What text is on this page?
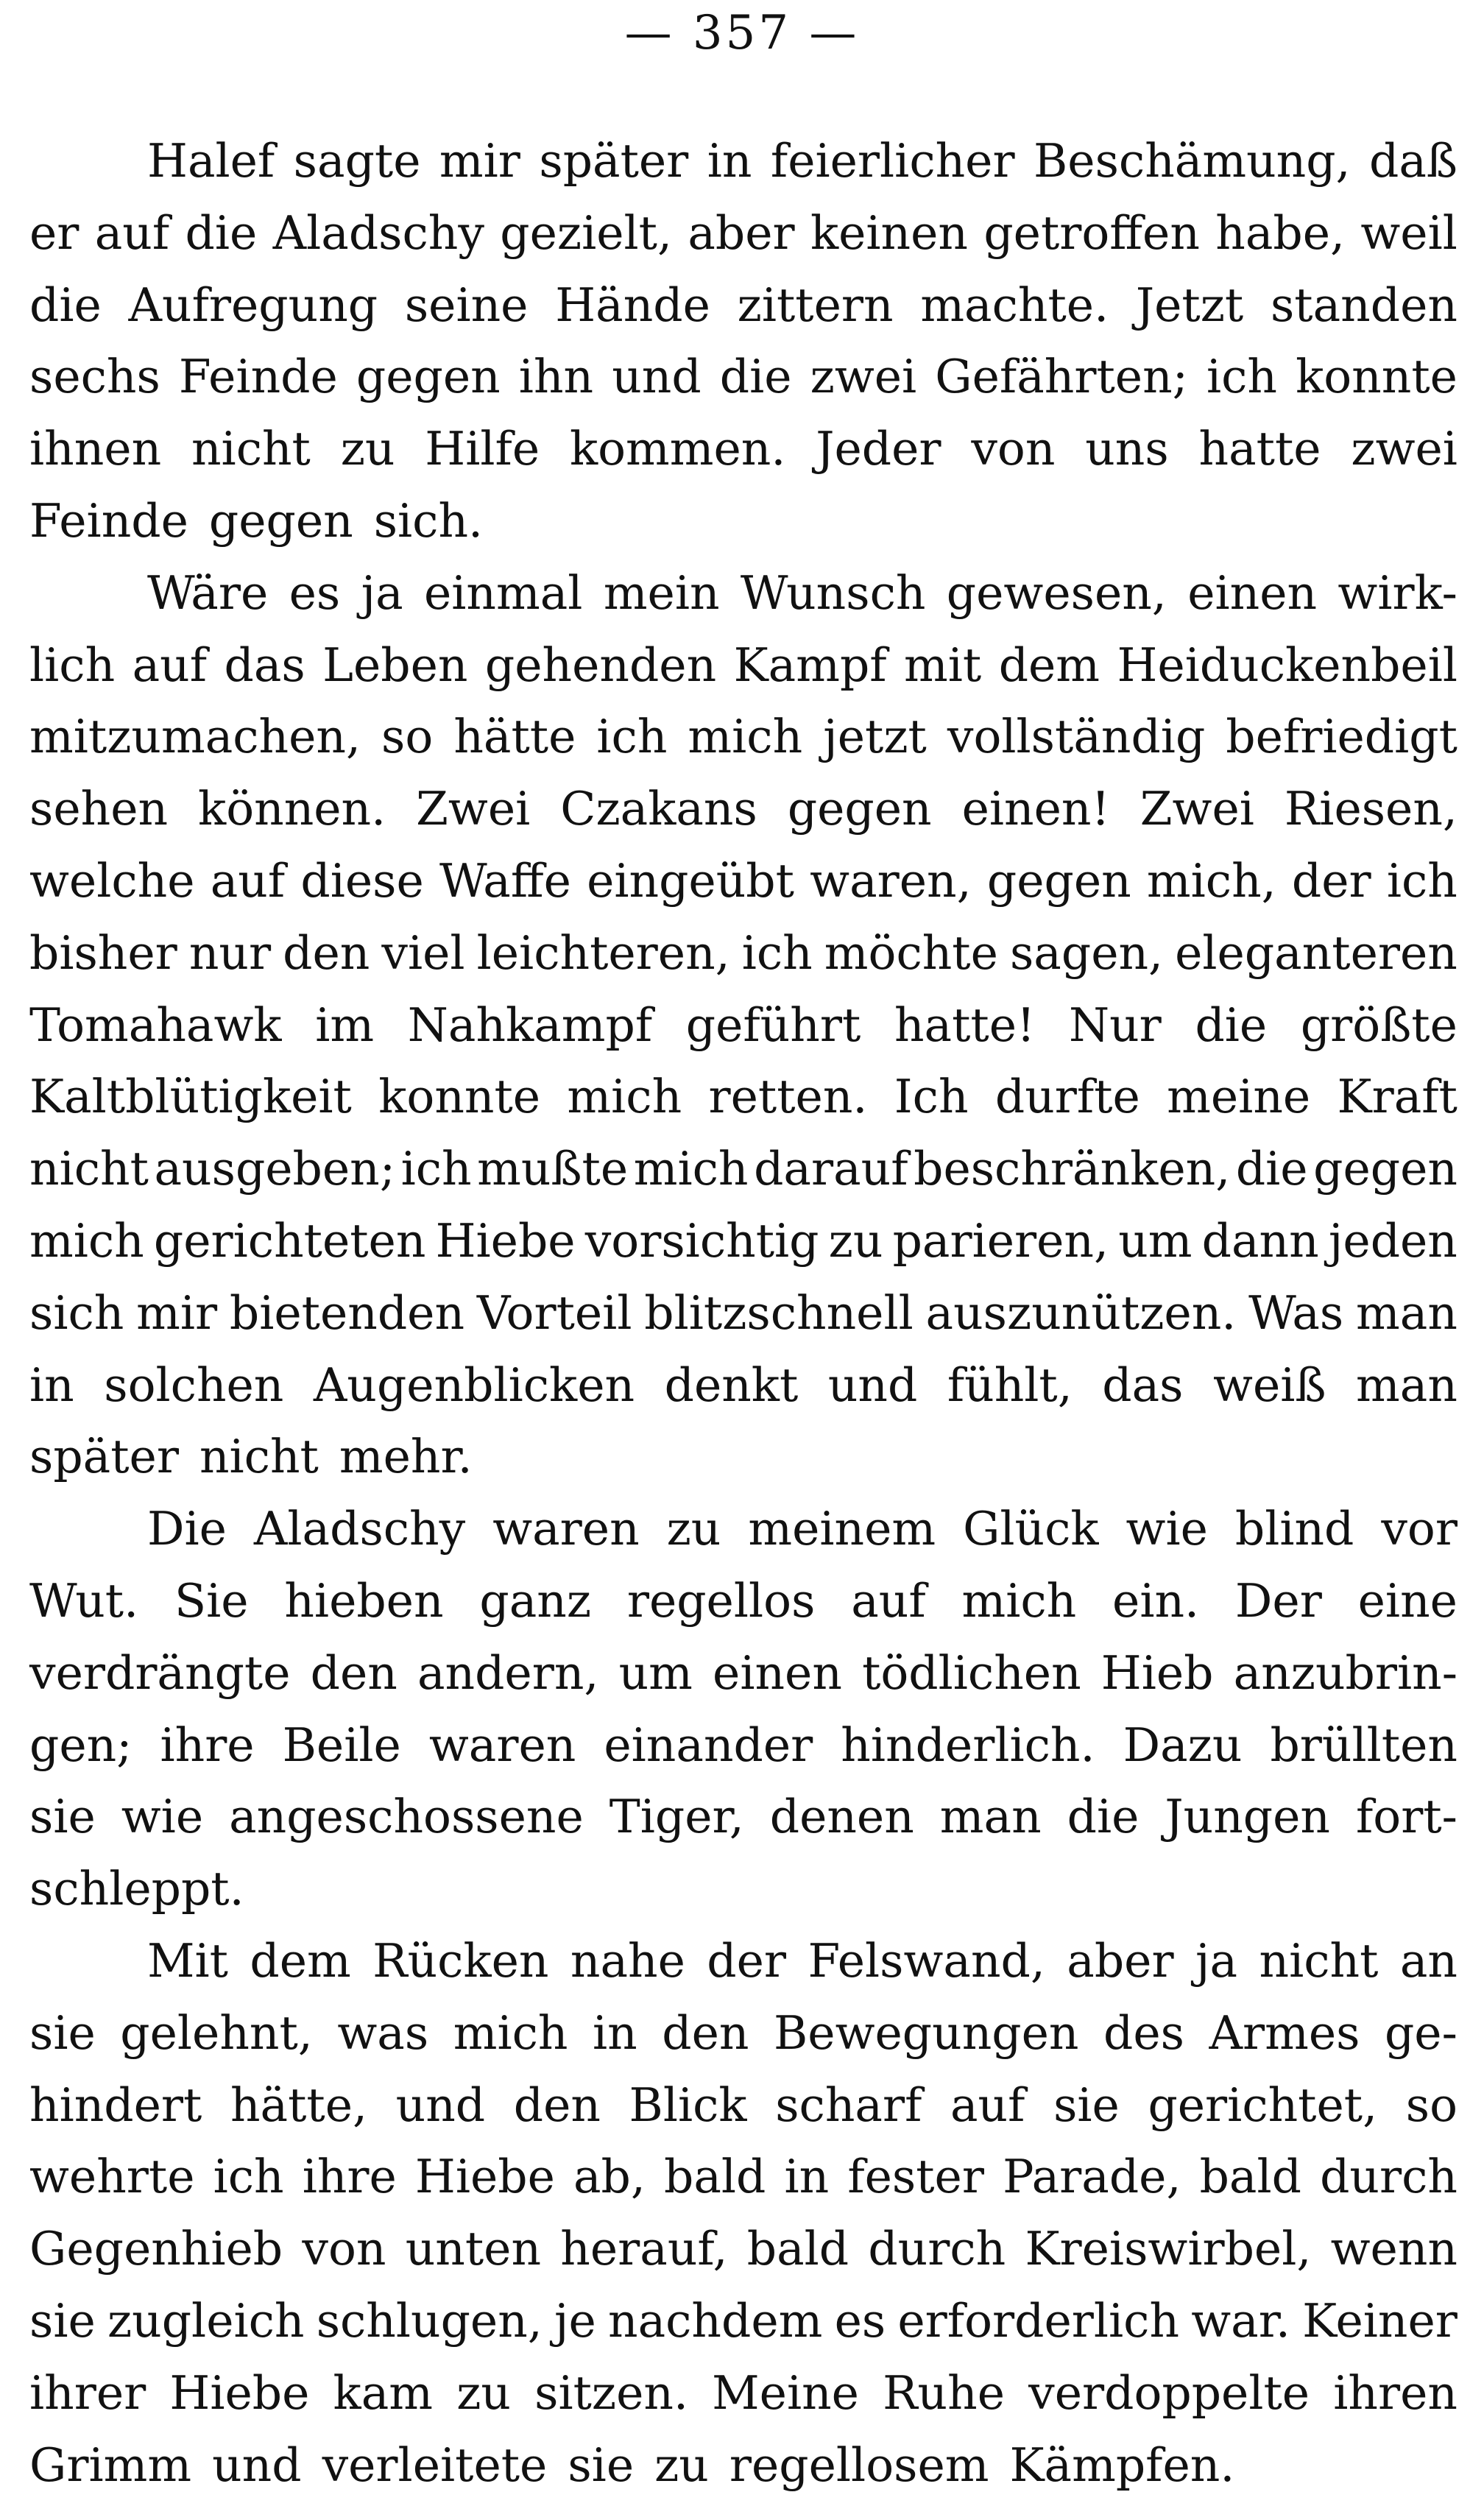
— 357 —
Halef sagte mir später in feierlicher Beschämung, daß
er auf die Aladschy gezielt, aber keinen getroffen habe, weil
die Aufregung seine Hände zittern machte. Jetzt standen
sechs Feinde gegen ihn und die zwei Gefährten; ich konnte
ihnen nicht zu Hilfe kommen. Jeder von uns hatte zwei
Feinde gegen sich.
Wäre es ja einmal mein Wunsch gewesen, einen wirk-
lich auf das Leben gehenden Kampf mit dem Heiduckenbeil
mitzumachen, so hätte ich mich jetzt vollständig befriedigt
sehen können. Zwei Czakans gegen einen! Zwei Riesen,
welche auf diese Waffe eingeübt waren, gegen mich, der ich
bisher nur den viel leichteren, ich möchte sagen, eleganteren
Tomahawk im Nahkampf geführt hatte! Nur die größte
Kaltblütigkeit konnte mich retten. Ich durfte meine Kraft
nicht ausgeben; ich mußte mich darauf beschränken, die gegen
mich gerichteten Hiebe vorsichtig zu parieren, um dann jeden
sich mir bietenden Vorteil blitzschnell auszunützen. Was man
in solchen Augenblicken denkt und fühlt, das weiß man
später nicht mehr.
Die Aladschy waren zu meinem Glück wie blind vor
Wut. Sie hieben ganz regellos auf mich ein. Der eine
verdrängte den andern, um einen tödlichen Hieb anzubrin-
gen; ihre Beile waren einander hinderlich. Dazu brüllten
sie wie angeschossene Tiger, denen man die Jungen fort-
schleppt.
Mit dem Rücken nahe der Felswand, aber ja nicht an
sie gelehnt, was mich in den Bewegungen des Armes ge-
hindert hätte, und den Blick scharf auf sie gerichtet, so
wehrte ich ihre Hiebe ab, bald in fester Parade, bald durch
Gegenhieb von unten herauf, bald durch Kreiswirbel, wenn
sie zugleich schlugen, je nachdem es erforderlich war. Keiner
ihrer Hiebe kam zu sitzen. Meine Ruhe verdoppelte ihren
Grimm und verleitete sie zu regellosem Kämpfen.
